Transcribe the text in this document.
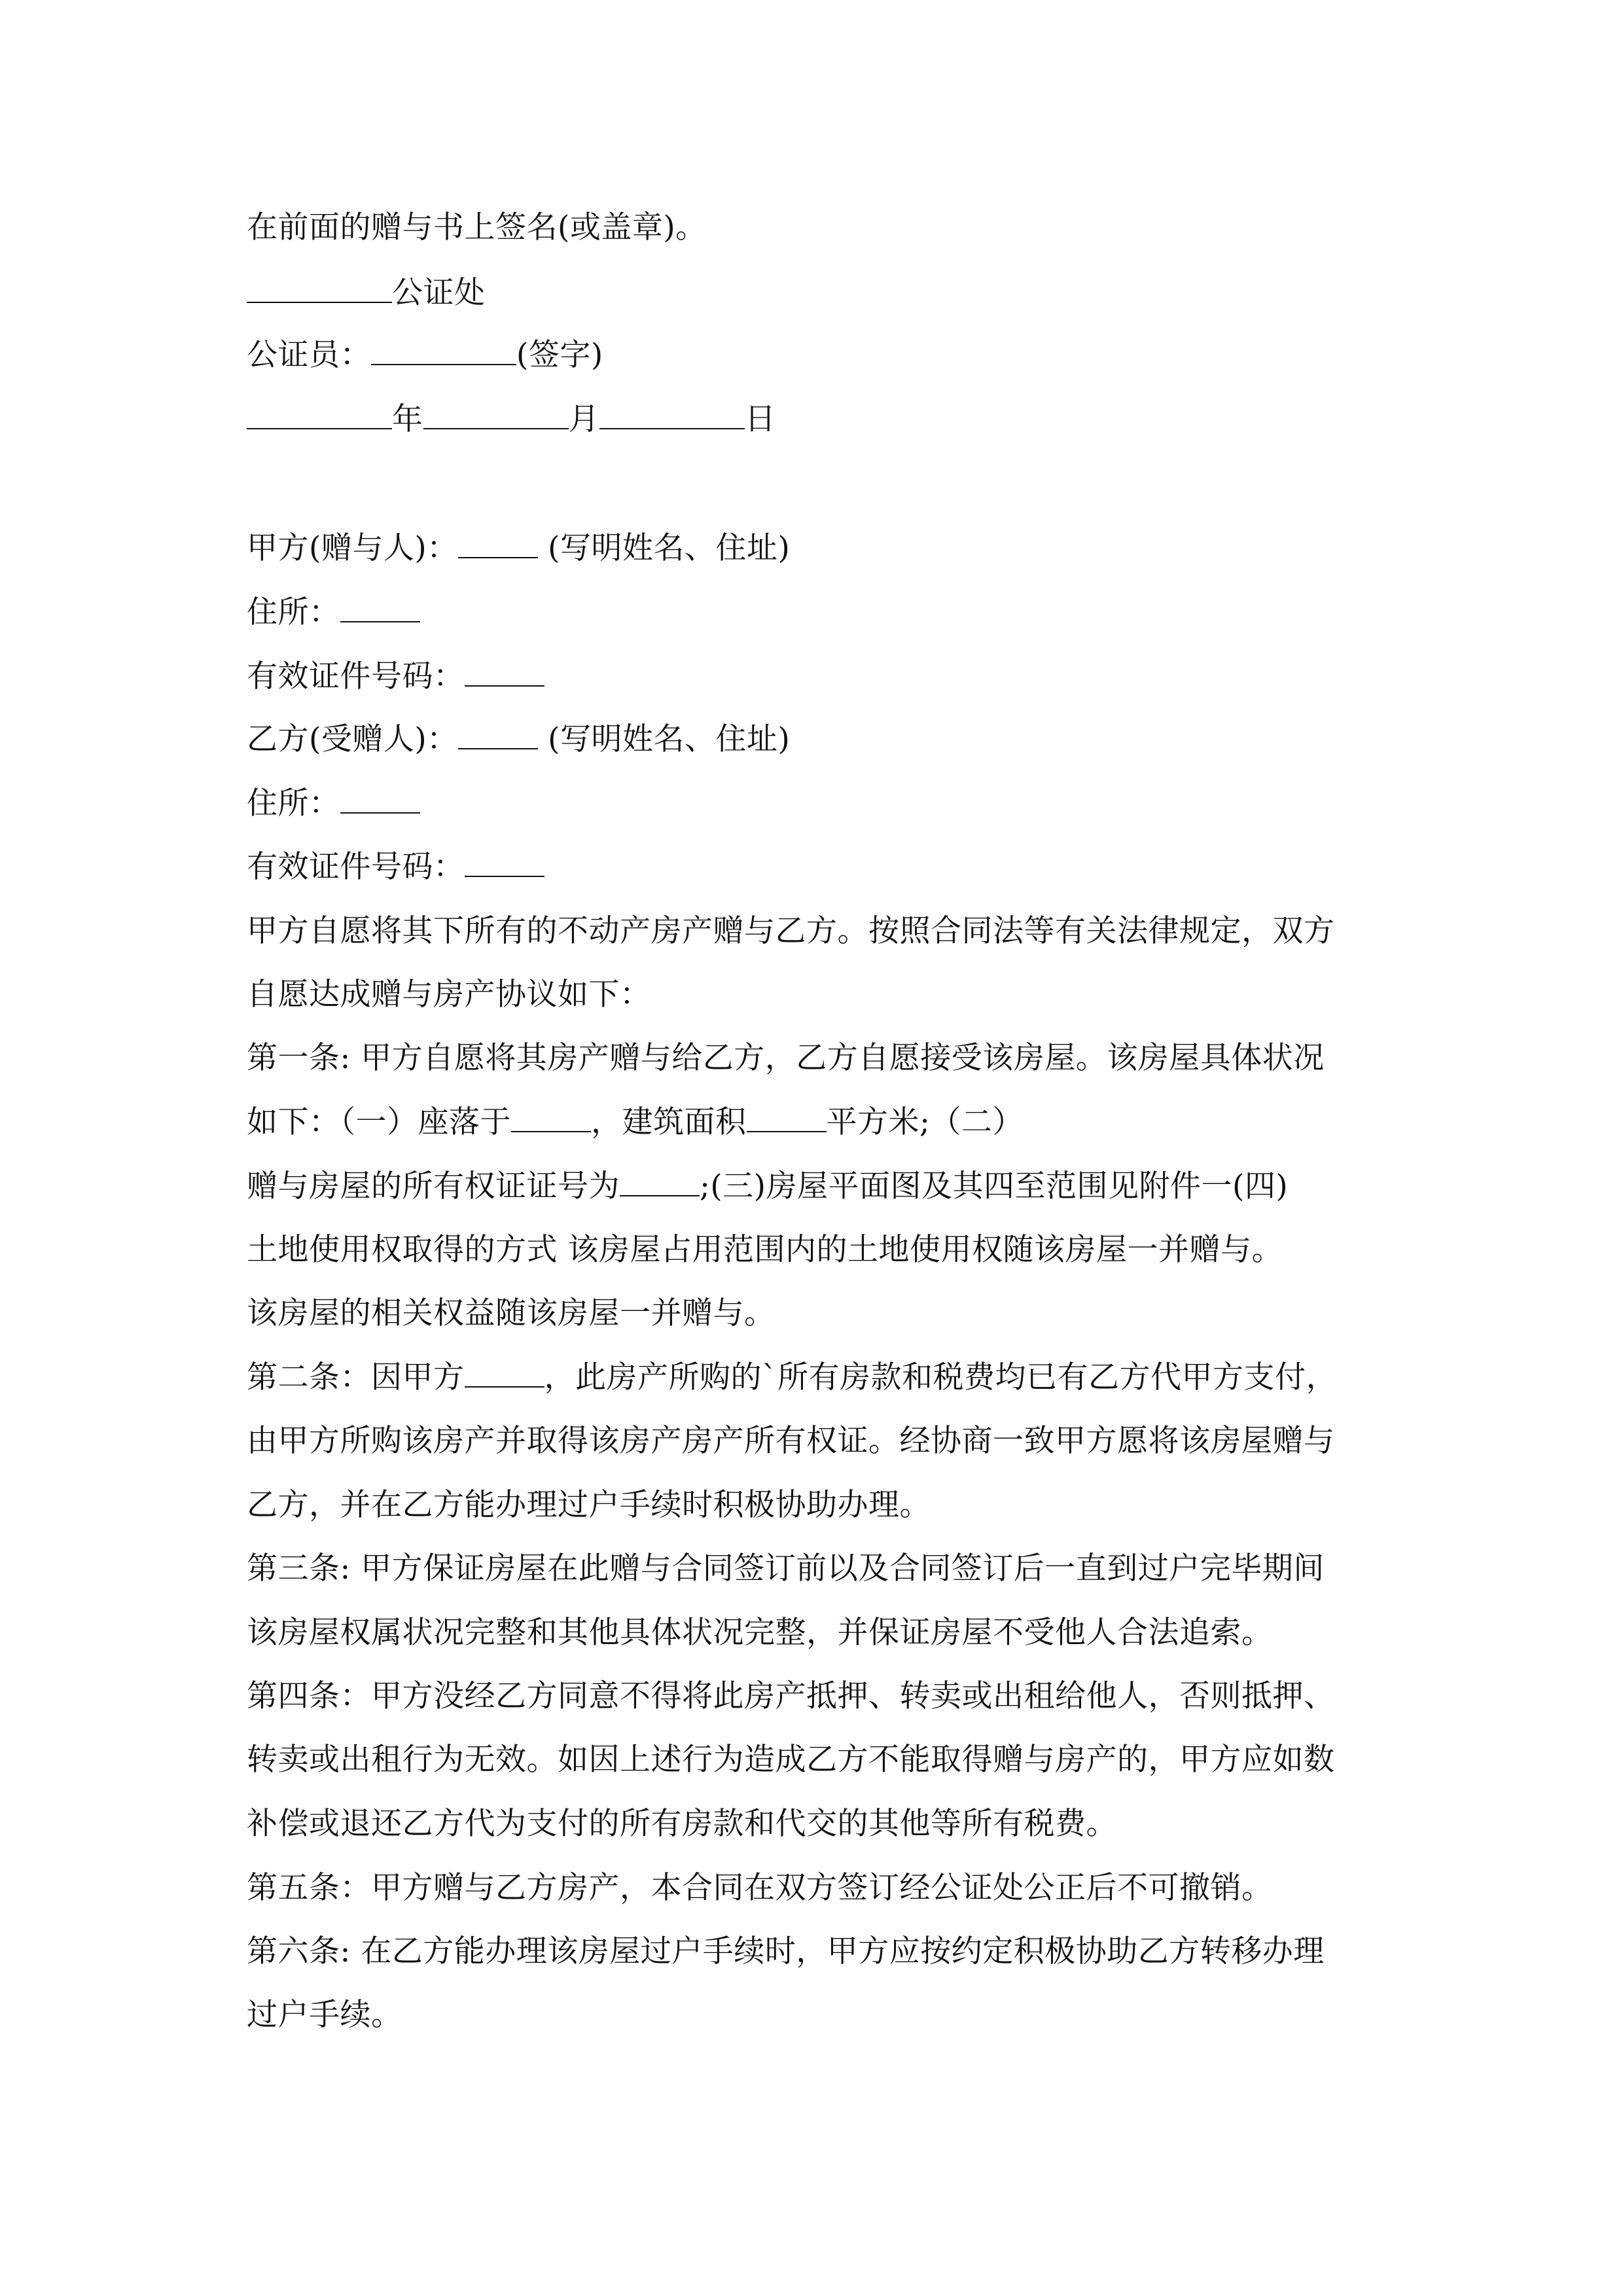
在前面的赠与书上签名(或盖章)。
公证处
公证员：	(签字)
年	月	日
甲方(赠与人)：	(写明姓名、住址)
住所：
有效证件号码：
乙方(受赠人)：	(写明姓名、住址)
住所：
有效证件号码：
甲方自愿将其下所有的不动产房产赠与乙方。按照合同法等有关法律规定，双方
自愿达成赠与房产协议如下：
第一条: 甲方自愿将其房产赠与给乙方，乙方自愿接受该房屋。该房屋具体状况
如下：（一）座落于	，建筑面积	平方米;（二）
赠与房屋的所有权证证号为	;(三)房屋平面图及其四至范围见附件一(四)
土地使用权取得的方式 该房屋占用范围内的土地使用权随该房屋一并赠与。
该房屋的相关权益随该房屋一并赠与。
第二条：因甲方	，此房产所购的`所有房款和税费均已有乙方代甲方支付，
由甲方所购该房产并取得该房产房产所有权证。经协商一致甲方愿将该房屋赠与
乙方，并在乙方能办理过户手续时积极协助办理。
第三条: 甲方保证房屋在此赠与合同签订前以及合同签订后一直到过户完毕期间
该房屋权属状况完整和其他具体状况完整，并保证房屋不受他人合法追索。
第四条：甲方没经乙方同意不得将此房产抵押、转卖或出租给他人，否则抵押、
转卖或出租行为无效。如因上述行为造成乙方不能取得赠与房产的，甲方应如数
补偿或退还乙方代为支付的所有房款和代交的其他等所有税费。
第五条：甲方赠与乙方房产，本合同在双方签订经公证处公正后不可撤销。
第六条: 在乙方能办理该房屋过户手续时，甲方应按约定积极协助乙方转移办理
过户手续。
